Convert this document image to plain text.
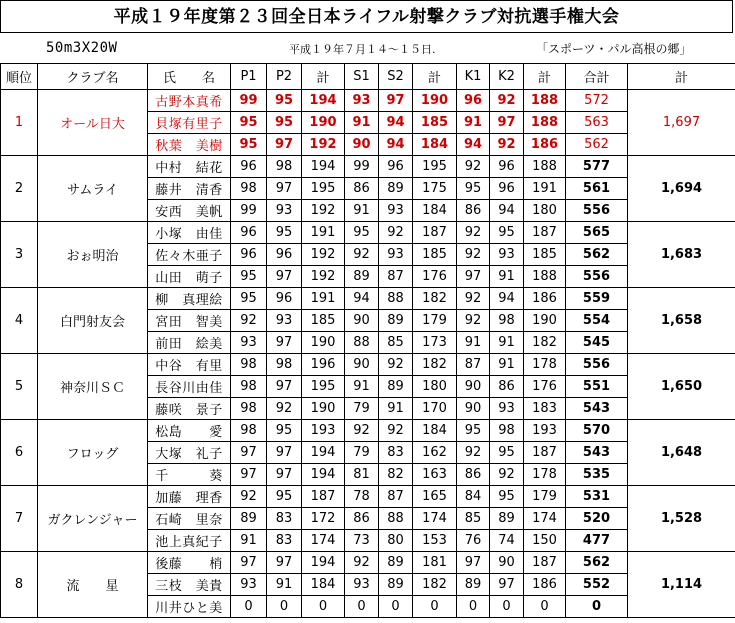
平成１９年度第２３回全日本ライフル射撃クラブ対抗選手権大会
50m3X20W	平成１９年７月１４～１５日.	「スポーツ・パル高根の郷」
順位	クラブ名	氏　　名	P1	P2	計	S1	S2	計	K1	K2	計	合計	計
1	オール日大	古野本真希	99	95	194	93	97	190	96	92	188	572	1,697
		貝塚有里子	95	95	190	91	94	185	91	97	188	563	
		秋葉　美樹	95	97	192	90	94	184	94	92	186	562	
2	サムライ	中村　結花	96	98	194	99	96	195	92	96	188	577	1,694
		藤井　清香	98	97	195	86	89	175	95	96	191	561	
		安西　美帆	99	93	192	91	93	184	86	94	180	556	
3	おぉ明治	小塚　由佳	96	95	191	95	92	187	92	95	187	565	1,683
		佐々木亜子	96	96	192	92	93	185	92	93	185	562	
		山田　萌子	95	97	192	89	87	176	97	91	188	556	
4	白門射友会	柳　真理絵	95	96	191	94	88	182	92	94	186	559	1,658
		宮田　智美	92	93	185	90	89	179	92	98	190	554	
		前田　絵美	93	97	190	88	85	173	91	91	182	545	
5	神奈川ＳＣ	中谷　有里	98	98	196	90	92	182	87	91	178	556	1,650
		長谷川由佳	98	97	195	91	89	180	90	86	176	551	
		藤咲　景子	98	92	190	79	91	170	90	93	183	543	
6	フロッグ	松島　　愛	98	95	193	92	92	184	95	98	193	570	1,648
		大塚　礼子	97	97	194	79	83	162	92	95	187	543	
		千　　　葵	97	97	194	81	82	163	86	92	178	535	
7	ガクレンジャー	加藤　理香	92	95	187	78	87	165	84	95	179	531	1,528
		石崎　里奈	89	83	172	86	88	174	85	89	174	520	
		池上真紀子	91	83	174	73	80	153	76	74	150	477	
8	流　　星	後藤　　梢	97	97	194	92	89	181	97	90	187	562	1,114
		三枝　美貴	93	91	184	93	89	182	89	97	186	552	
		川井ひと美	0	0	0	0	0	0	0	0	0	0	
